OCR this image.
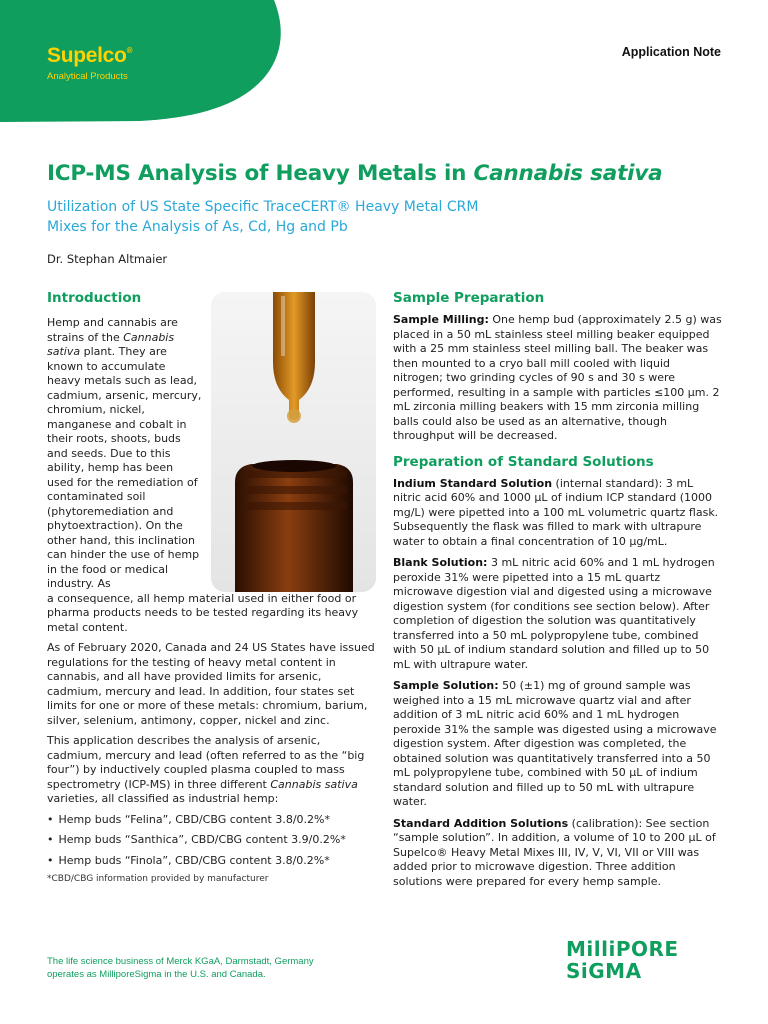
Supelco®
Analytical Products
Application Note
ICP-MS Analysis of Heavy Metals in Cannabis sativa
Utilization of US State Specific TraceCERT® Heavy Metal CRM
Mixes for the Analysis of As, Cd, Hg and Pb
Dr. Stephan Altmaier
Introduction

Hemp and cannabis are strains of the Cannabis sativa plant. They are known to accumulate heavy metals such as lead, cadmium, arsenic, mercury, chromium, nickel, manganese and cobalt in their roots, shoots, buds and seeds. Due to this ability, hemp has been used for the remediation of contaminated soil (phytoremediation and phytoextraction). On the other hand, this inclination can hinder the use of hemp in the food or medical industry. As

a consequence, all hemp material used in either food or pharma products needs to be tested regarding its heavy metal content.

As of February 2020, Canada and 24 US States have issued regulations for the testing of heavy metal content in cannabis, and all have provided limits for arsenic, cadmium, mercury and lead. In addition, four states set limits for one or more of these metals: chromium, barium, silver, selenium, antimony, copper, nickel and zinc.

This application describes the analysis of arsenic, cadmium, mercury and lead (often referred to as the “big four”) by inductively coupled plasma coupled to mass spectrometry (ICP-MS) in three different Cannabis sativa varieties, all classified as industrial hemp:

• Hemp buds “Felina”, CBD/CBG content 3.8/0.2%*
• Hemp buds “Santhica”, CBD/CBG content 3.9/0.2%*
• Hemp buds “Finola”, CBD/CBG content 3.8/0.2%*
*CBD/CBG information provided by manufacturer
Sample Preparation

Sample Milling: One hemp bud (approximately 2.5 g) was placed in a 50 mL stainless steel milling beaker equipped with a 25 mm stainless steel milling ball. The beaker was then mounted to a cryo ball mill cooled with liquid nitrogen; two grinding cycles of 90 s and 30 s were performed, resulting in a sample with particles ≤100 µm. 2 mL zirconia milling beakers with 15 mm zirconia milling balls could also be used as an alternative, though throughput will be decreased.

Preparation of Standard Solutions

Indium Standard Solution (internal standard): 3 mL nitric acid 60% and 1000 µL of indium ICP standard (1000 mg/L) were pipetted into a 100 mL volumetric quartz flask. Subsequently the flask was filled to mark with ultrapure water to obtain a final concentration of 10 µg/mL.

Blank Solution: 3 mL nitric acid 60% and 1 mL hydrogen peroxide 31% were pipetted into a 15 mL quartz microwave digestion vial and digested using a microwave digestion system (for conditions see section below). After completion of digestion the solution was quantitatively transferred into a 50 mL polypropylene tube, combined with 50 µL of indium standard solution and filled up to 50 mL with ultrapure water.

Sample Solution: 50 (±1) mg of ground sample was weighed into a 15 mL microwave quartz vial and after addition of 3 mL nitric acid 60% and 1 mL hydrogen peroxide 31% the sample was digested using a microwave digestion system. After digestion was completed, the obtained solution was quantitatively transferred into a 50 mL polypropylene tube, combined with 50 µL of indium standard solution and filled up to 50 mL with ultrapure water.

Standard Addition Solutions (calibration): See section “sample solution”. In addition, a volume of 10 to 200 µL of Supelco® Heavy Metal Mixes III, IV, V, VI, VII or VIII was added prior to microwave digestion. Three addition solutions were prepared for every hemp sample.

The life science business of Merck KGaA, Darmstadt, Germany
operates as MilliporeSigma in the U.S. and Canada.
MilliPORE
SiGMA
